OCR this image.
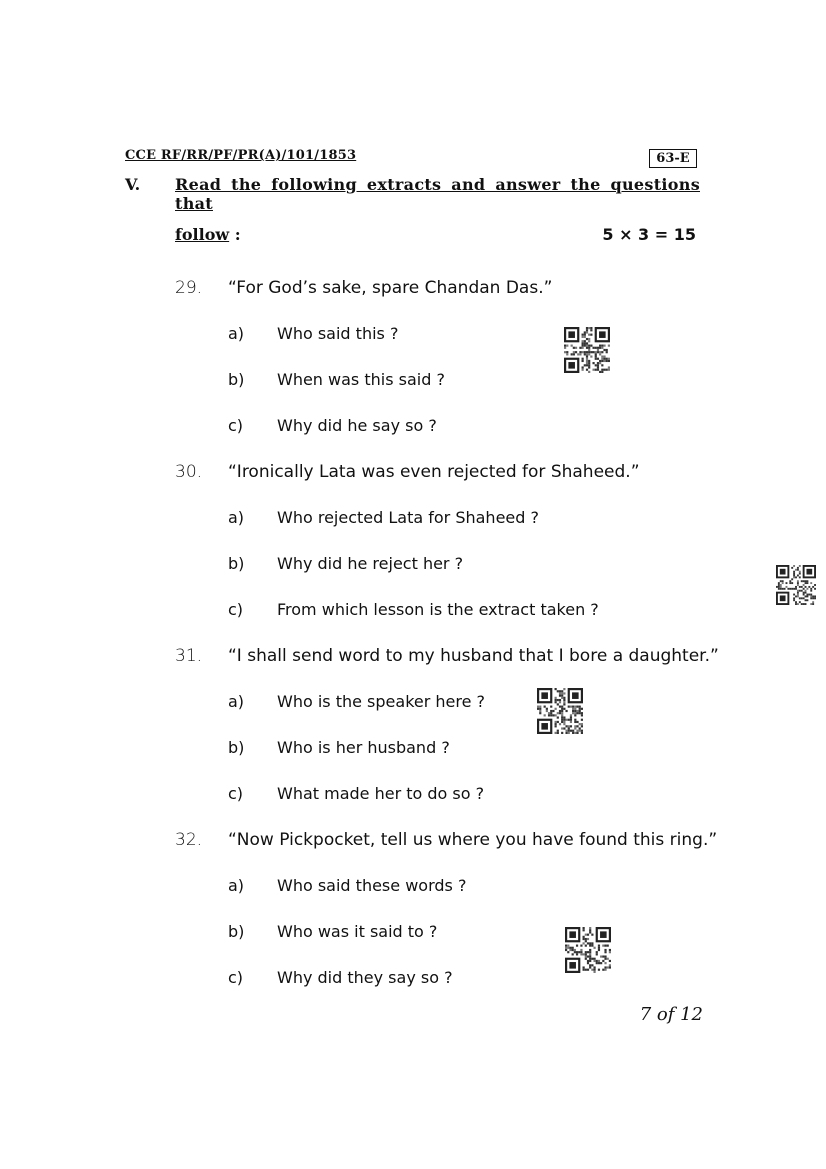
CCE RF/RR/PF/PR(A)/101/1853	63-E
V. Read the following extracts and answer the questions that
follow :	5 × 3 = 15
29. “For God’s sake, spare Chandan Das.”
a) Who said this ?
b) When was this said ?
c) Why did he say so ?
30. “Ironically Lata was even rejected for Shaheed.”
a) Who rejected Lata for Shaheed ?
b) Why did he reject her ?
c) From which lesson is the extract taken ?
31. “I shall send word to my husband that I bore a daughter.”
a) Who is the speaker here ?
b) Who is her husband ?
c) What made her to do so ?
32. “Now Pickpocket, tell us where you have found this ring.”
a) Who said these words ?
b) Who was it said to ?
c) Why did they say so ?
7 of 12
